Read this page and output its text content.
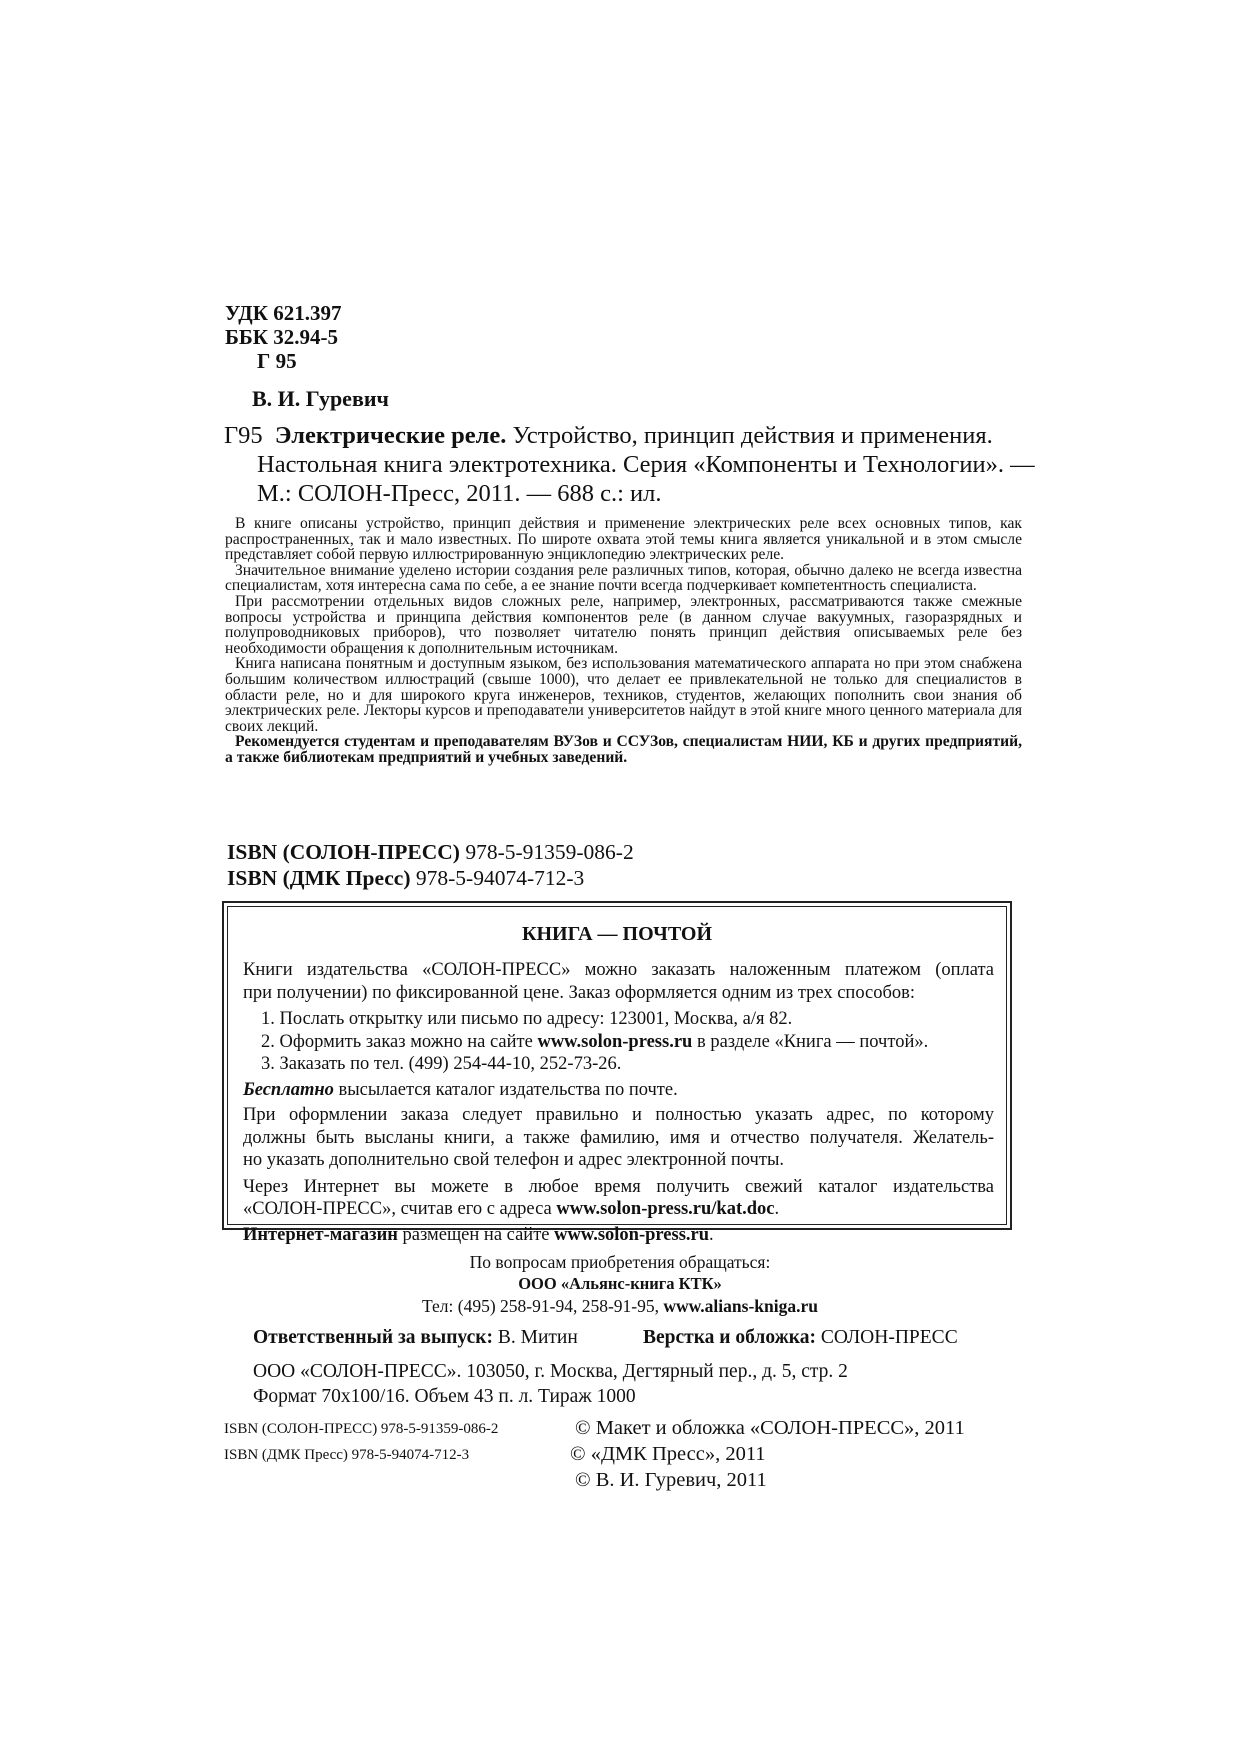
УДК 621.397
ББК 32.94-5
Г 95
В. И. Гуревич
Г95 Электрические реле. Устройство, принцип действия и применения.
Настольная книга электротехника. Серия «Компоненты и Технологии». —
М.: СОЛОН-Пресс, 2011. — 688 с.: ил.

В книге описаны устройство, принцип действия и применение электрических реле всех основных типов, как распространенных, так и мало известных. По широте охвата этой темы книга является уникальной и в этом смысле представляет собой первую иллюстрированную энциклопедию электрических реле.

Значительное внимание уделено истории создания реле различных типов, которая, обычно далеко не всегда известна специалистам, хотя интересна сама по себе, а ее знание почти всегда подчеркивает компетентность специалиста.

При рассмотрении отдельных видов сложных реле, например, электронных, рассматриваются также смежные вопросы устройства и принципа действия компонентов реле (в данном случае вакуумных, газоразрядных и полупроводниковых приборов), что позволяет читателю понять принцип действия описываемых реле без необходимости обращения к дополнительным источникам.

Книга написана понятным и доступным языком, без использования математического аппарата но при этом снабжена большим количеством иллюстраций (свыше 1000), что делает ее привлекательной не только для специалистов в области реле, но и для широкого круга инженеров, техников, студентов, желающих пополнить свои знания об электрических реле. Лекторы курсов и преподаватели университетов найдут в этой книге много ценного материала для своих лекций.

Рекомендуется студентам и преподавателям ВУЗов и ССУЗов, специалистам НИИ, КБ и других предприятий, а также библиотекам предприятий и учебных заведений.

ISBN (СОЛОН-ПРЕСС) 978-5-91359-086-2
ISBN (ДМК Пресс) 978-5-94074-712-3
КНИГА — ПОЧТОЙ
Книги издательства «СОЛОН-ПРЕСС» можно заказать наложенным платежом (оплата
при получении) по фиксированной цене. Заказ оформляется одним из трех способов:
1. Послать открытку или письмо по адресу: 123001, Москва, а/я 82.
2. Оформить заказ можно на сайте www.solon-press.ru в разделе «Книга — почтой».
3. Заказать по тел. (499) 254-44-10, 252-73-26.
Бесплатно высылается каталог издательства по почте.
При оформлении заказа следует правильно и полностью указать адрес, по которому
должны быть высланы книги, а также фамилию, имя и отчество получателя. Желатель-
но указать дополнительно свой телефон и адрес электронной почты.
Через Интернет вы можете в любое время получить свежий каталог издательства
«СОЛОН-ПРЕСС», считав его с адреса www.solon-press.ru/kat.doc.
Интернет-магазин размещен на сайте www.solon-press.ru.
По вопросам приобретения обращаться:
ООО «Альянс-книга КТК»
Тел: (495) 258-91-94, 258-91-95, www.alians-kniga.ru
Ответственный за выпуск: В. Митин	Верстка и обложка: СОЛОН-ПРЕСС
ООО «СОЛОН-ПРЕСС». 103050, г. Москва, Дегтярный пер., д. 5, стр. 2
Формат 70x100/16. Объем 43 п. л. Тираж 1000
ISBN (СОЛОН-ПРЕСС) 978-5-91359-086-2
ISBN (ДМК Пресс) 978-5-94074-712-3
© Макет и обложка «СОЛОН-ПРЕСС», 2011
© «ДМК Пресс», 2011
© В. И. Гуревич, 2011
